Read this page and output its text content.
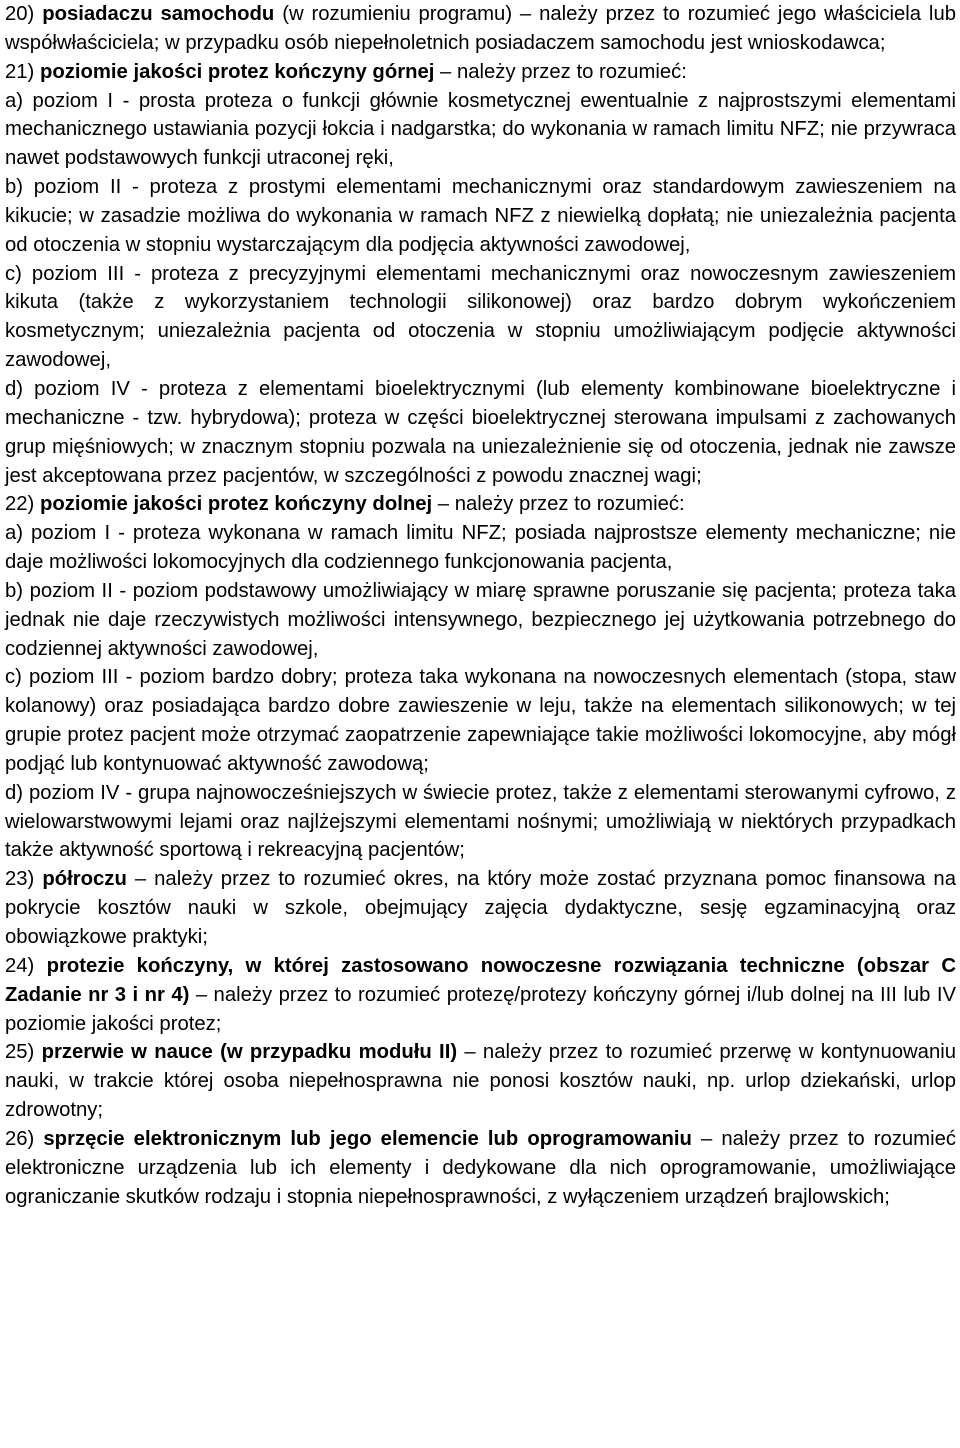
20) posiadaczu samochodu (w rozumieniu programu) – należy przez to rozumieć jego właściciela lub współwłaściciela; w przypadku osób niepełnoletnich posiadaczem samochodu jest wnioskodawca;

21) poziomie jakości protez kończyny górnej – należy przez to rozumieć:

a) poziom I - prosta proteza o funkcji głównie kosmetycznej ewentualnie z najprostszymi elementami mechanicznego ustawiania pozycji łokcia i nadgarstka; do wykonania w ramach limitu NFZ; nie przywraca nawet podstawowych funkcji utraconej ręki,

b) poziom II - proteza z prostymi elementami mechanicznymi oraz standardowym zawieszeniem na kikucie; w zasadzie możliwa do wykonania w ramach NFZ z niewielką dopłatą; nie uniezależnia pacjenta od otoczenia w stopniu wystarczającym dla podjęcia aktywności zawodowej,

c) poziom III - proteza z precyzyjnymi elementami mechanicznymi oraz nowoczesnym zawieszeniem kikuta (także z wykorzystaniem technologii silikonowej) oraz bardzo dobrym wykończeniem kosmetycznym; uniezależnia pacjenta od otoczenia w stopniu umożliwiającym podjęcie aktywności zawodowej,

d) poziom IV - proteza z elementami bioelektrycznymi (lub elementy kombinowane bioelektryczne i mechaniczne - tzw. hybrydowa); proteza w części bioelektrycznej sterowana impulsami z zachowanych grup mięśniowych; w znacznym stopniu pozwala na uniezależnienie się od otoczenia, jednak nie zawsze jest akceptowana przez pacjentów, w szczególności z powodu znacznej wagi;

22) poziomie jakości protez kończyny dolnej – należy przez to rozumieć:

a) poziom I - proteza wykonana w ramach limitu NFZ; posiada najprostsze elementy mechaniczne; nie daje możliwości lokomocyjnych dla codziennego funkcjonowania pacjenta,

b) poziom II - poziom podstawowy umożliwiający w miarę sprawne poruszanie się pacjenta; proteza taka jednak nie daje rzeczywistych możliwości intensywnego, bezpiecznego jej użytkowania potrzebnego do codziennej aktywności zawodowej,

c) poziom III - poziom bardzo dobry; proteza taka wykonana na nowoczesnych elementach (stopa, staw kolanowy) oraz posiadająca bardzo dobre zawieszenie w leju, także na elementach silikonowych; w tej grupie protez pacjent może otrzymać zaopatrzenie zapewniające takie możliwości lokomocyjne, aby mógł podjąć lub kontynuować aktywność zawodową;

d) poziom IV - grupa najnowocześniejszych w świecie protez, także z elementami sterowanymi cyfrowo, z wielowarstwowymi lejami oraz najlżejszymi elementami nośnymi; umożliwiają w niektórych przypadkach także aktywność sportową i rekreacyjną pacjentów;

23) półroczu – należy przez to rozumieć okres, na który może zostać przyznana pomoc finansowa na pokrycie kosztów nauki w szkole, obejmujący zajęcia dydaktyczne, sesję egzaminacyjną oraz obowiązkowe praktyki;

24) protezie kończyny, w której zastosowano nowoczesne rozwiązania techniczne (obszar C Zadanie nr 3 i nr 4) – należy przez to rozumieć protezę/protezy kończyny górnej i/lub dolnej na III lub IV poziomie jakości protez;

25) przerwie w nauce (w przypadku modułu II) – należy przez to rozumieć przerwę w kontynuowaniu nauki, w trakcie której osoba niepełnosprawna nie ponosi kosztów nauki, np. urlop dziekański, urlop zdrowotny;

26) sprzęcie elektronicznym lub jego elemencie lub oprogramowaniu – należy przez to rozumieć elektroniczne urządzenia lub ich elementy i dedykowane dla nich oprogramowanie, umożliwiające ograniczanie skutków rodzaju i stopnia niepełnosprawności, z wyłączeniem urządzeń brajlowskich;
